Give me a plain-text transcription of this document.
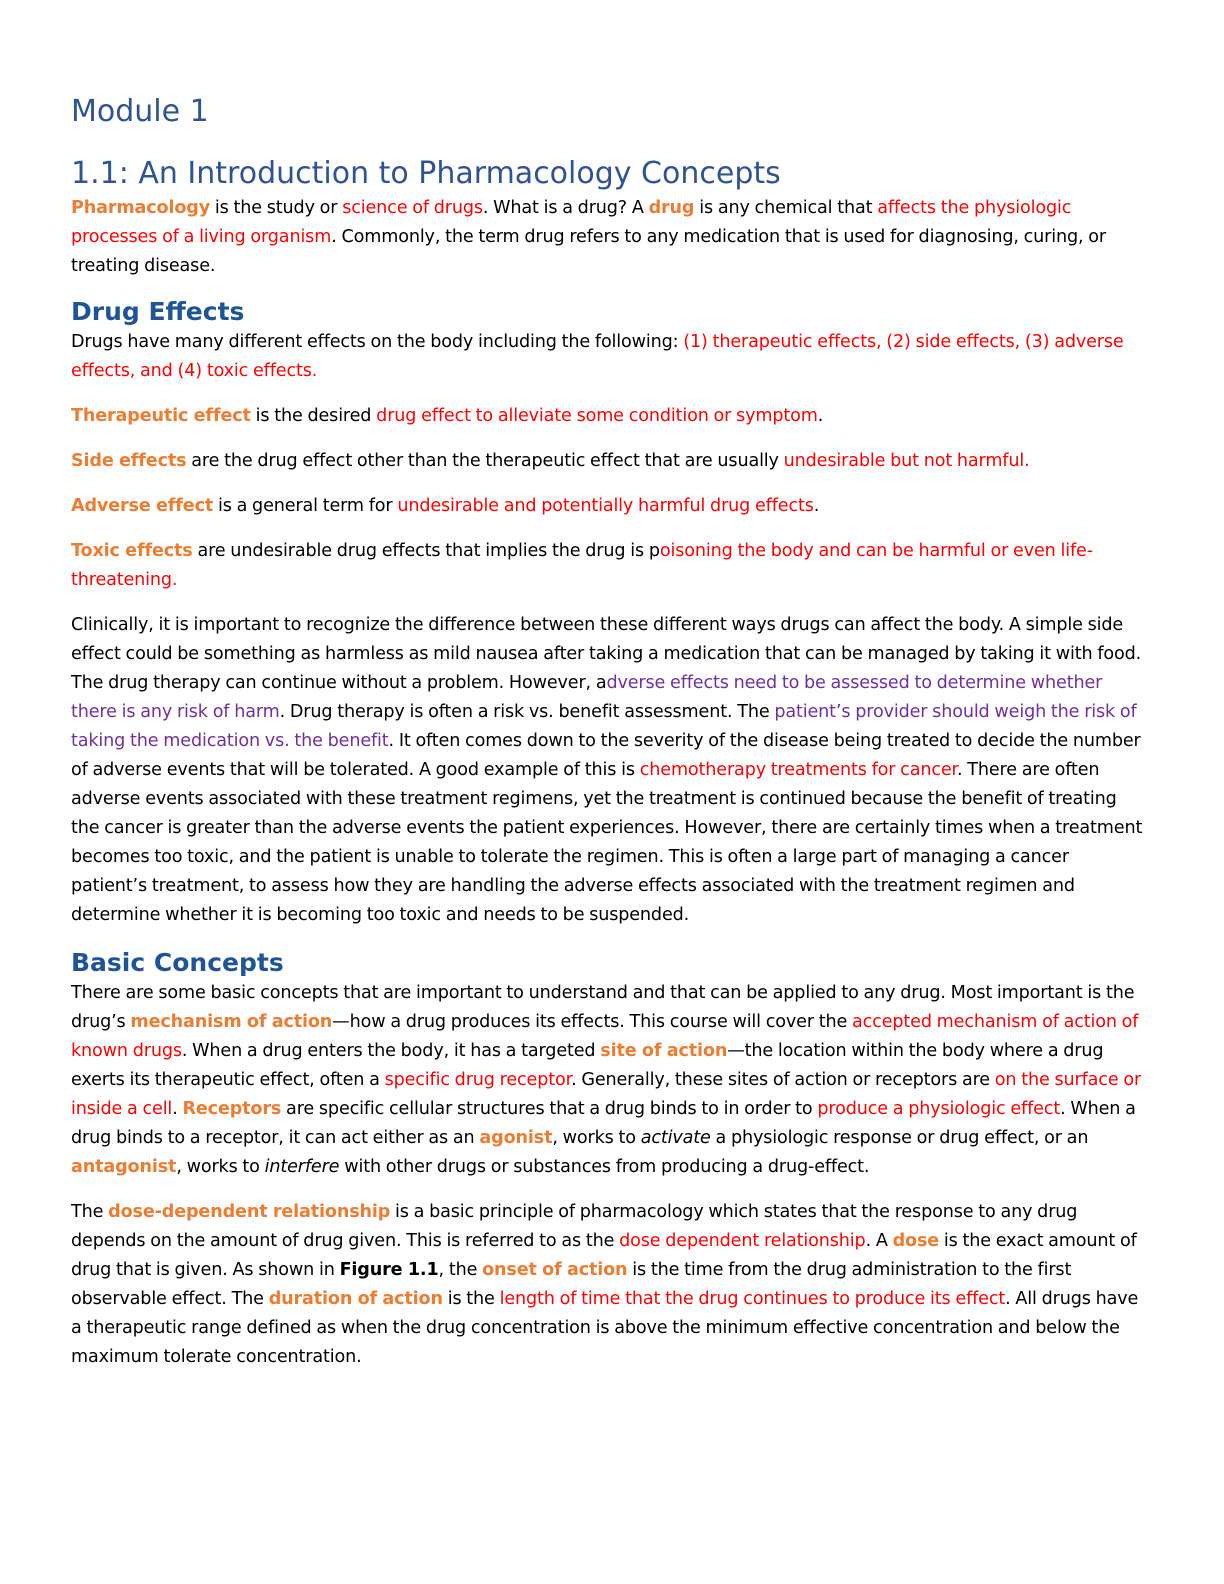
Module 1
1.1: An Introduction to Pharmacology Concepts

Pharmacology is the study or science of drugs. What is a drug? A drug is any chemical that affects the physiologic processes of a living organism. Commonly, the term drug refers to any medication that is used for diagnosing, curing, or treating disease.

Drug Effects

Drugs have many different effects on the body including the following: (1) therapeutic effects, (2) side effects, (3) adverse effects, and (4) toxic effects.

Therapeutic effect is the desired drug effect to alleviate some condition or symptom.

Side effects are the drug effect other than the therapeutic effect that are usually undesirable but not harmful.

Adverse effect is a general term for undesirable and potentially harmful drug effects.

Toxic effects are undesirable drug effects that implies the drug is poisoning the body and can be harmful or even life-threatening.

Clinically, it is important to recognize the difference between these different ways drugs can affect the body. A simple side effect could be something as harmless as mild nausea after taking a medication that can be managed by taking it with food. The drug therapy can continue without a problem. However, adverse effects need to be assessed to determine whether there is any risk of harm. Drug therapy is often a risk vs. benefit assessment. The patient’s provider should weigh the risk of taking the medication vs. the benefit. It often comes down to the severity of the disease being treated to decide the number of adverse events that will be tolerated. A good example of this is chemotherapy treatments for cancer. There are often adverse events associated with these treatment regimens, yet the treatment is continued because the benefit of treating the cancer is greater than the adverse events the patient experiences. However, there are certainly times when a treatment becomes too toxic, and the patient is unable to tolerate the regimen. This is often a large part of managing a cancer patient’s treatment, to assess how they are handling the adverse effects associated with the treatment regimen and determine whether it is becoming too toxic and needs to be suspended.

Basic Concepts

There are some basic concepts that are important to understand and that can be applied to any drug. Most important is the drug’s mechanism of action—how a drug produces its effects. This course will cover the accepted mechanism of action of known drugs. When a drug enters the body, it has a targeted site of action—the location within the body where a drug exerts its therapeutic effect, often a specific drug receptor. Generally, these sites of action or receptors are on the surface or inside a cell. Receptors are specific cellular structures that a drug binds to in order to produce a physiologic effect. When a drug binds to a receptor, it can act either as an agonist, works to activate a physiologic response or drug effect, or an antagonist, works to interfere with other drugs or substances from producing a drug-effect.

The dose-dependent relationship is a basic principle of pharmacology which states that the response to any drug depends on the amount of drug given. This is referred to as the dose dependent relationship. A dose is the exact amount of drug that is given. As shown in Figure 1.1, the onset of action is the time from the drug administration to the first observable effect. The duration of action is the length of time that the drug continues to produce its effect. All drugs have a therapeutic range defined as when the drug concentration is above the minimum effective concentration and below the maximum tolerate concentration.
